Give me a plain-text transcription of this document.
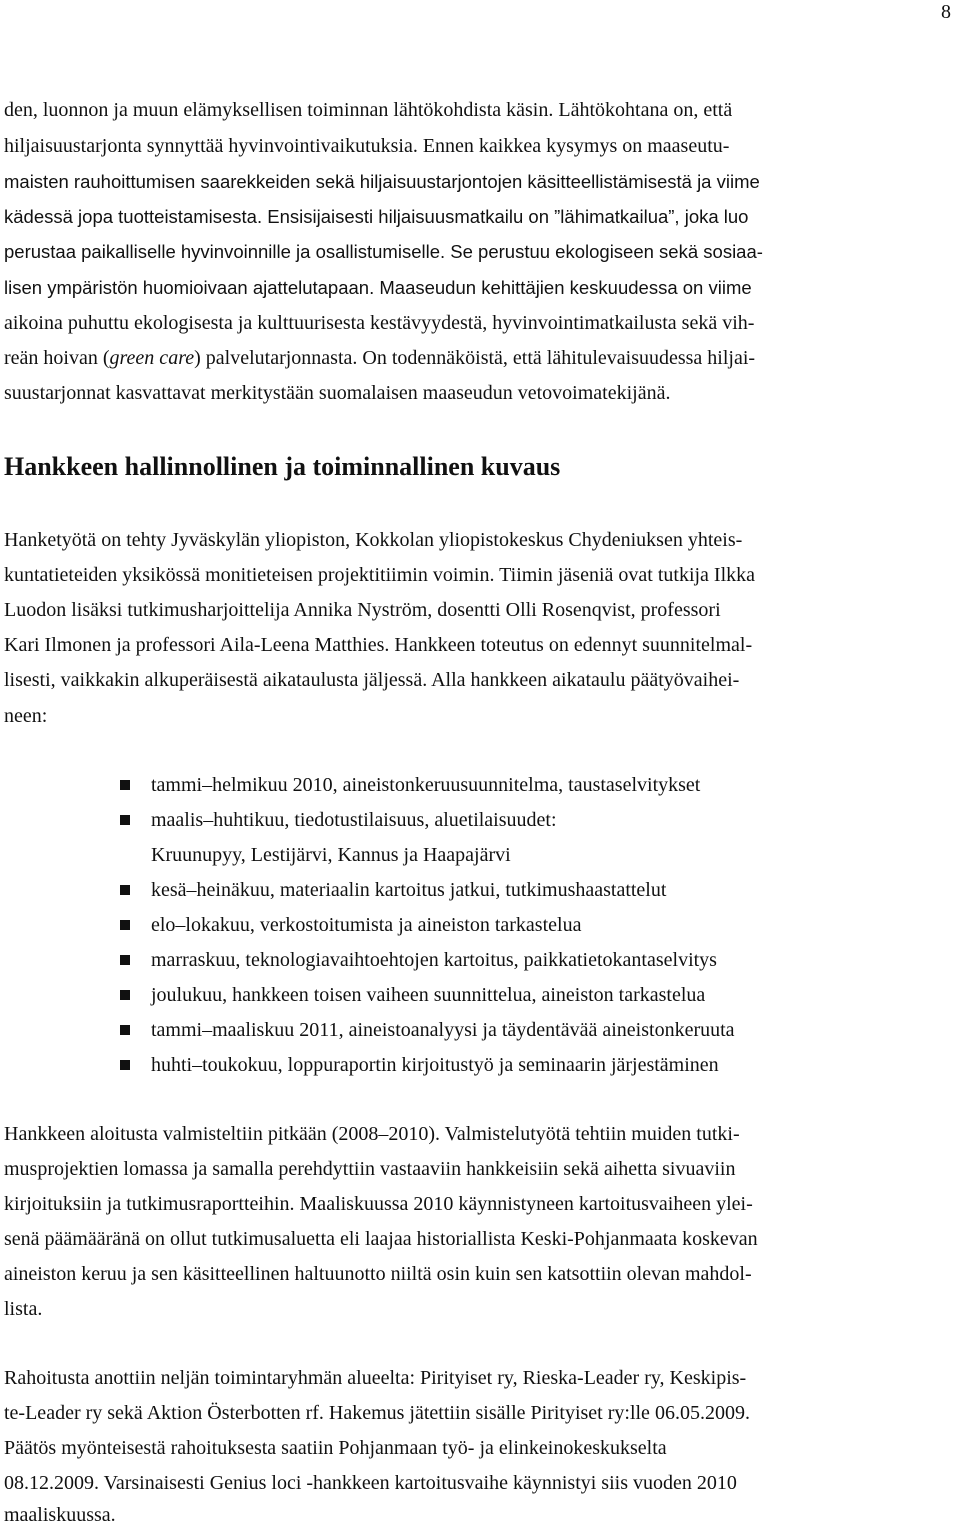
8
den, luonnon ja muun elämyksellisen toiminnan lähtökohdista käsin. Lähtökohtana on, että
hiljaisuustarjonta synnyttää hyvinvointivaikutuksia. Ennen kaikkea kysymys on maaseutu-
maisten rauhoittumisen saarekkeiden sekä hiljaisuustarjontojen käsitteellistämisestä ja viime
kädessä jopa tuotteistamisesta. Ensisijaisesti hiljaisuusmatkailu on ”lähimatkailua”, joka luo
perustaa paikalliselle hyvinvoinnille ja osallistumiselle. Se perustuu ekologiseen sekä sosiaa-
lisen ympäristön huomioivaan ajattelutapaan. Maaseudun kehittäjien keskuudessa on viime
aikoina puhuttu ekologisesta ja kulttuurisesta kestävyydestä, hyvinvointimatkailusta sekä vih-
reän hoivan (green care) palvelutarjonnasta. On todennäköistä, että lähitulevaisuudessa hiljai-
suustarjonnat kasvattavat merkitystään suomalaisen maaseudun vetovoimatekijänä.
Hankkeen hallinnollinen ja toiminnallinen kuvaus
Hanketyötä on tehty Jyväskylän yliopiston, Kokkolan yliopistokeskus Chydeniuksen yhteis-
kuntatieteiden yksikössä monitieteisen projektitiimin voimin. Tiimin jäseniä ovat tutkija Ilkka
Luodon lisäksi tutkimusharjoittelija Annika Nyström, dosentti Olli Rosenqvist, professori
Kari Ilmonen ja professori Aila-Leena Matthies. Hankkeen toteutus on edennyt suunnitelmal-
lisesti, vaikkakin alkuperäisestä aikataulusta jäljessä. Alla hankkeen aikataulu päätyövaihei-
neen:
tammi–helmikuu 2010, aineistonkeruusuunnitelma, taustaselvitykset
maalis–huhtikuu, tiedotustilaisuus, aluetilaisuudet:
Kruunupyy, Lestijärvi, Kannus ja Haapajärvi
kesä–heinäkuu, materiaalin kartoitus jatkui, tutkimushaastattelut
elo–lokakuu, verkostoitumista ja aineiston tarkastelua
marraskuu, teknologiavaihtoehtojen kartoitus, paikkatietokantaselvitys
joulukuu, hankkeen toisen vaiheen suunnittelua, aineiston tarkastelua
tammi–maaliskuu 2011, aineistoanalyysi ja täydentävää aineistonkeruuta
huhti–toukokuu, loppuraportin kirjoitustyö ja seminaarin järjestäminen
Hankkeen aloitusta valmisteltiin pitkään (2008–2010). Valmistelutyötä tehtiin muiden tutki-
musprojektien lomassa ja samalla perehdyttiin vastaaviin hankkeisiin sekä aihetta sivuaviin
kirjoituksiin ja tutkimusraportteihin. Maaliskuussa 2010 käynnistyneen kartoitusvaiheen ylei-
senä päämääränä on ollut tutkimusaluetta eli laajaa historiallista Keski-Pohjanmaata koskevan
aineiston keruu ja sen käsitteellinen haltuunotto niiltä osin kuin sen katsottiin olevan mahdol-
lista.
Rahoitusta anottiin neljän toimintaryhmän alueelta: Pirityiset ry, Rieska-Leader ry, Keskipis-
te-Leader ry sekä Aktion Österbotten rf. Hakemus jätettiin sisälle Pirityiset ry:lle 06.05.2009.
Päätös myönteisestä rahoituksesta saatiin Pohjanmaan työ- ja elinkeinokeskukselta
08.12.2009. Varsinaisesti Genius loci -hankkeen kartoitusvaihe käynnistyi siis vuoden 2010
maaliskuussa.
